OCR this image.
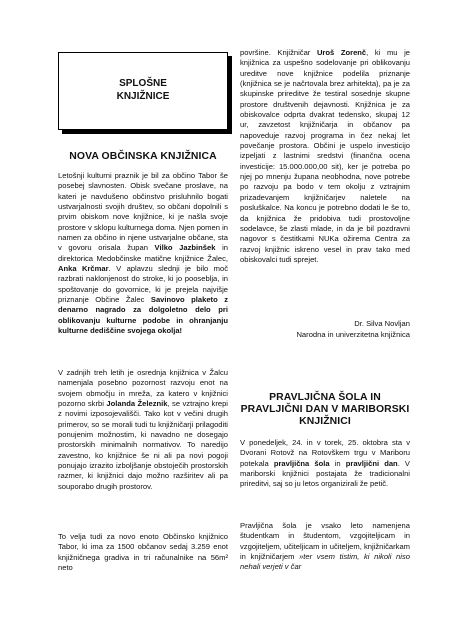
SPLOŠNE
KNJIŽNICE
NOVA OBČINSKA KNJIŽNICA
Letošnji kulturni praznik je bil za občino Tabor še posebej slavnosten. Obisk svečane proslave, na kateri je navdušeno občinstvo prisluhnilo bogati ustvarjalnosti svojih društev, so občani dopolnili s prvim obiskom nove knjižnice, ki je našla svoje prostore v sklopu kulturnega doma. Njen pomen in namen za občino in njene ustvarjalne občane, sta v govoru orisala župan Vilko Jazbinšek in direktorica Medobčinske matične knjižnice Žalec, Anka Krčmar. V aplavzu slednji je bilo moč razbrati naklonjenost do stroke, ki jo pooseblja, in spoštovanje do govornice, ki je prejela najvišje priznanje Občine Žalec Savinovo plaketo z denarno nagrado za dolgoletno delo pri oblikovanju kulturne podobe in ohranjanju kulturne dediščine svojega okolja!
V zadnjih treh letih je osrednja knjižnica v Žalcu namenjala posebno pozornost razvoju enot na svojem območju in mreža, za katero v knjižnici pozorno skrbi Jolanda Železnik, se vztrajno krepi z novimi izposojevališči. Tako kot v večini drugih primerov, so se morali tudi tu knjižničarji prilagoditi ponujenim možnostim, ki navadno ne dosegajo prostorskih minimalnih normativov. To naredijo zavestno, ko knjižnice še ni ali pa novi pogoji ponujajo izrazito izboljšanje obstoječih prostorskih razmer, ki knjižnici dajo možno razširitev ali pa souporabo drugih prostorov.
To velja tudi za novo enoto Občinsko knjižnico Tabor, ki ima za 1500 občanov sedaj 3.259 enot knjižničnega gradiva in tri računalnike na 56m² neto
površine. Knjižničar Uroš Zorenč, ki mu je knjižnica za uspešno sodelovanje pri oblikovanju ureditve nove knjižnice podelila priznanje (knjižnica se je načrtovala brez arhitekta), pa je za skupinske prireditve že testiral sosednje skupne prostore društvenih dejavnosti. Knjižnica je za obiskovalce odprta dvakrat tedensko, skupaj 12 ur, zavzetost knjižničarja in občanov pa napovedujе razvoj programa in čez nekaj let povečanje prostora. Občini je uspelo investicijo izpeljati z lastnimi sredstvi (finančna ocena investicije: 15.000.000,00 sit), ker je potreba po njej po mnenju župana neobhodna, nove potrebe po razvoju pa bodo v tem okolju z vztrajnim prizadevanjem knjižničarjev naletele na posluškalce. Na koncu je potrebno dodati le še to, da knjižnica že pridobiva tudi prostovoljne sodelavce, še zlasti mlade, in da je bil pozdravni nagovor s čestitkami NUKa ožirema Centra za razvoj knjižnic iskreno vesel in prav tako med obiskovalci tudi sprejet.
Dr. Silva Novljan
Narodna in univerzitetna knjižnica
PRAVLJIČNA ŠOLA IN PRAVLJIČNI DAN V MARIBORSKI KNJIŽNICI
V ponedeljek, 24. in v torek, 25. oktobra sta v Dvorani Rotovž na Rotovškem trgu v Mariboru potekala pravljična šola in pravljični dan. V mariborski knjižnici postajata že tradicionalni prireditvi, saj so ju letos organizirali že petič.
Pravljična šola je vsako leto namenjena študentkam in študentom, vzgojiteljicam in vzgojiteljem, učiteljicam in učiteljem, knjižničarkam in knjižničarjem »ter vsem tistim, ki nikoli niso nehali verjeti v čar
